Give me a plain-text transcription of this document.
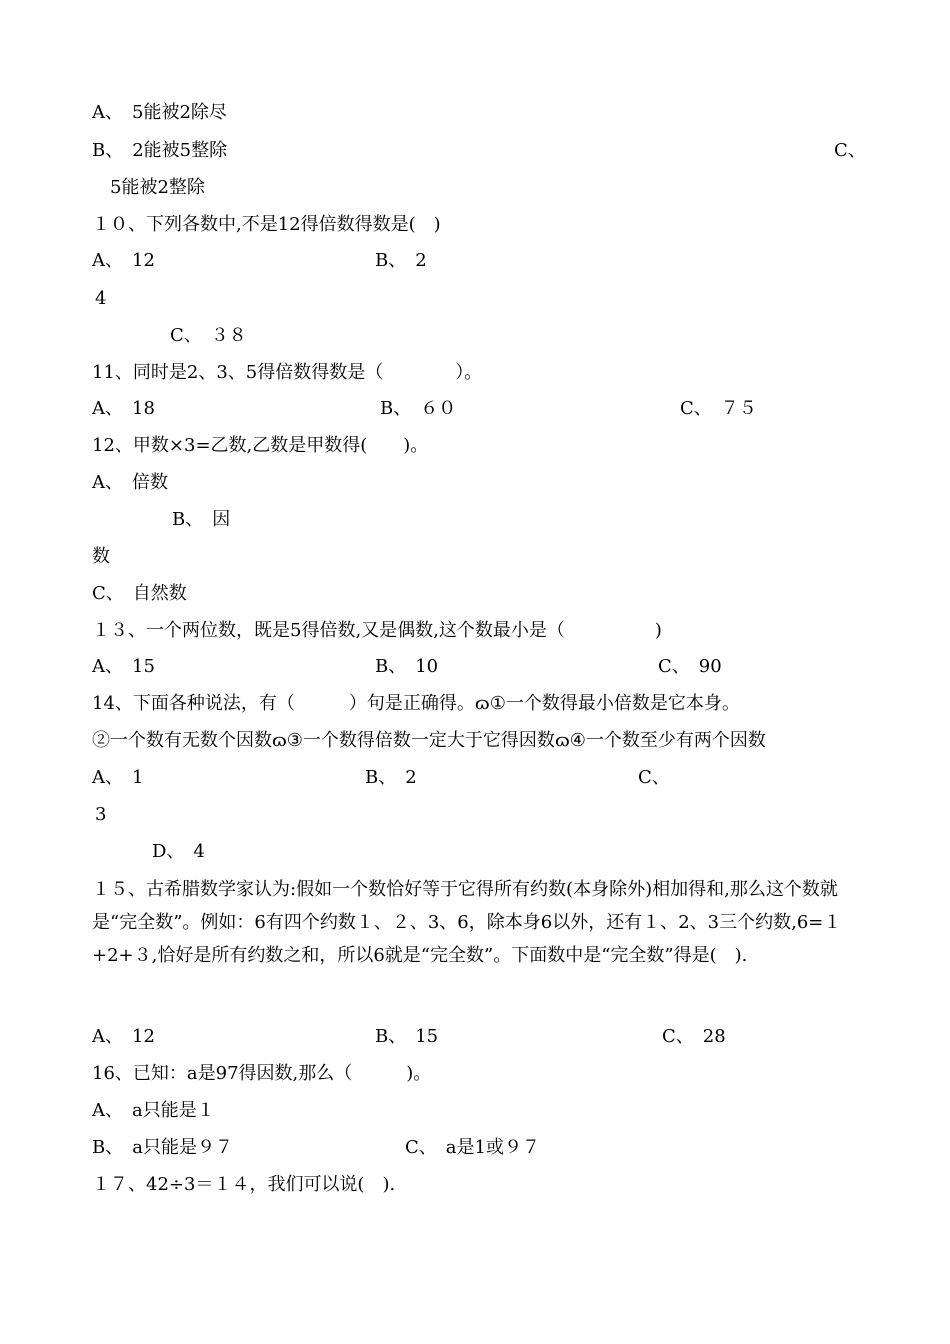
A、　5能被2除尽
B、　2能被5整除	C、
5能被2整除
１０、下列各数中,不是12得倍数得数是(　)
A、　12	B、　2
4
C、　３８
11、同时是2、3、5得倍数得数是（　　　　）。
A、　18	B、　６０	C、　７５
12、甲数×3=乙数,乙数是甲数得(　　)。
A、　倍数
B、　因
数
C、　自然数
１３、一个两位数，既是5得倍数,又是偶数,这个数最小是（　　　　　)
A、　15	B、　10	C、　90
14、下面各种说法，有（　　　）句是正确得。ɷ①一个数得最小倍数是它本身。
②一个数有无数个因数ɷ③一个数得倍数一定大于它得因数ɷ④一个数至少有两个因数
A、　1	B、　2	C、
3
D、　4
１５、古希腊数学家认为:假如一个数恰好等于它得所有约数(本身除外)相加得和,那么这个数就是“完全数”。例如：6有四个约数１、２、3、6，除本身6以外，还有１、2、3三个约数,6=１+2+３,恰好是所有约数之和，所以6就是“完全数”。下面数中是“完全数”得是(　).
A、　12	B、　15	C、　28
16、已知：a是97得因数,那么（　　　)。
A、　a只能是１
B、　a只能是９７	C、　a是1或９７
１７、42÷3＝１４，我们可以说(　).
